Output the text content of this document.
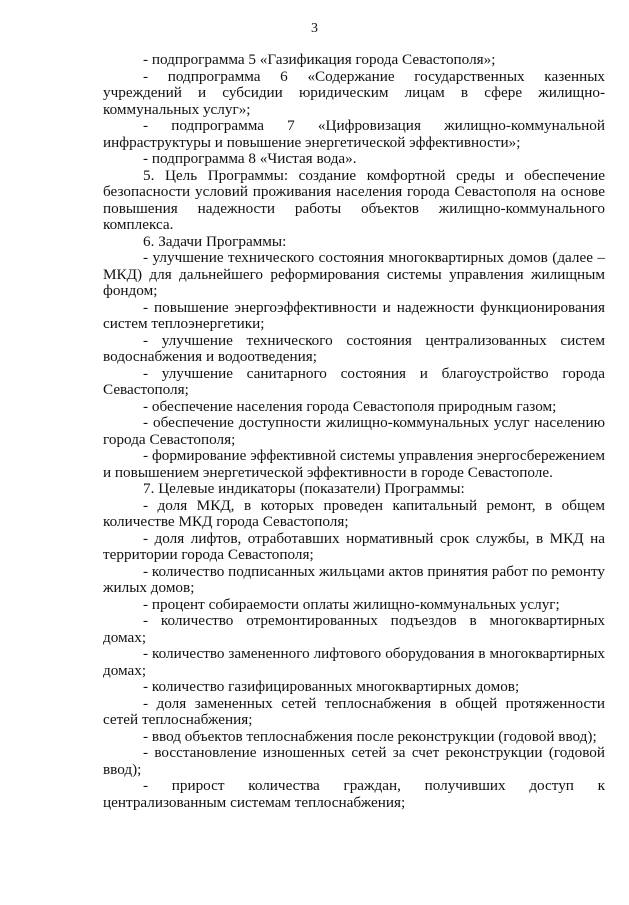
3

- подпрограмма 5 «Газификация города Севастополя»;

- подпрограмма 6 «Содержание государственных казенных учреждений и субсидии юридическим лицам в сфере жилищно-коммунальных услуг»;

- подпрограмма 7 «Цифровизация жилищно-коммунальной инфраструктуры и повышение энергетической эффективности»;

- подпрограмма 8 «Чистая вода».

5. Цель Программы: создание комфортной среды и обеспечение безопасности условий проживания населения города Севастополя на основе повышения надежности работы объектов жилищно-коммунального комплекса.

6. Задачи Программы:

- улучшение технического состояния многоквартирных домов (далее – МКД) для дальнейшего реформирования системы управления жилищным фондом;

- повышение энергоэффективности и надежности функционирования систем теплоэнергетики;

- улучшение технического состояния централизованных систем водоснабжения и водоотведения;

- улучшение санитарного состояния и благоустройство города Севастополя;

- обеспечение населения города Севастополя природным газом;

- обеспечение доступности жилищно-коммунальных услуг населению города Севастополя;

- формирование эффективной системы управления энергосбережением и повышением энергетической эффективности в городе Севастополе.

7. Целевые индикаторы (показатели) Программы:

- доля МКД, в которых проведен капитальный ремонт, в общем количестве МКД города Севастополя;

- доля лифтов, отработавших нормативный срок службы, в МКД на территории города Севастополя;

- количество подписанных жильцами актов принятия работ по ремонту жилых домов;

- процент собираемости оплаты жилищно-коммунальных услуг;

- количество отремонтированных подъездов в многоквартирных домах;

- количество замененного лифтового оборудования в многоквартирных домах;

- количество газифицированных многоквартирных домов;

- доля замененных сетей теплоснабжения в общей протяженности сетей теплоснабжения;

- ввод объектов теплоснабжения после реконструкции (годовой ввод);

- восстановление изношенных сетей за счет реконструкции (годовой ввод);

- прирост количества граждан, получивших доступ к централизованным системам теплоснабжения;
